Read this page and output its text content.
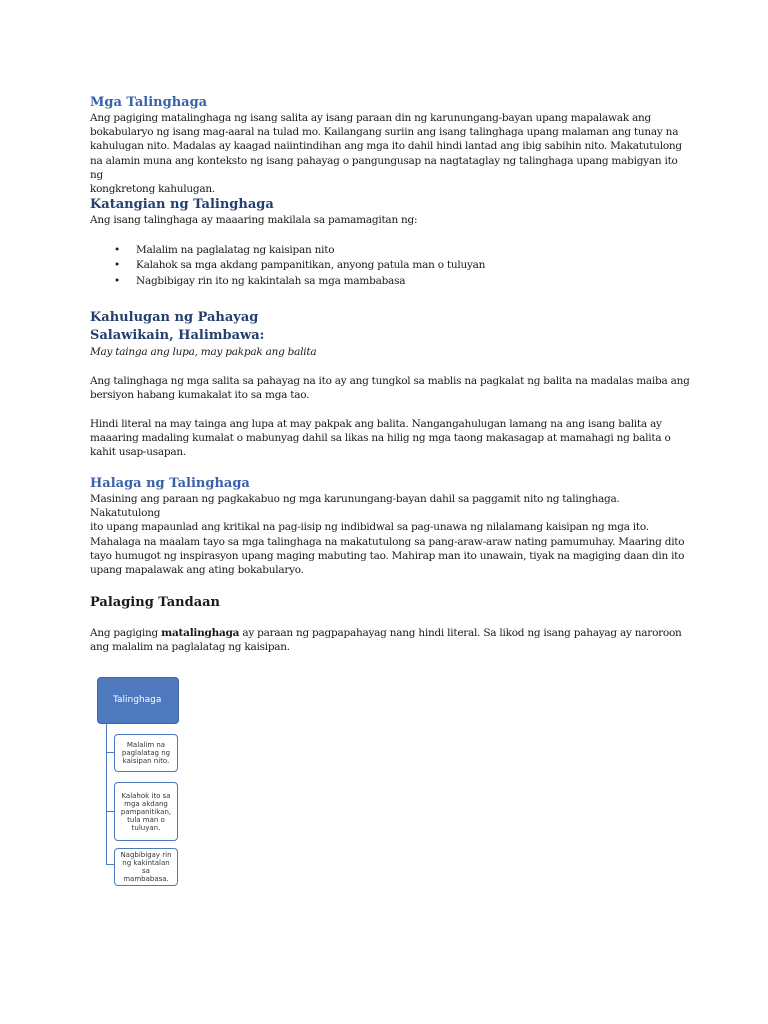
Mga Talinghaga
Ang pagiging matalinghaga ng isang salita ay isang paraan din ng karunungang-bayan upang mapalawak ang
bokabularyo ng isang mag-aaral na tulad mo. Kailangang suriin ang isang talinghaga upang malaman ang tunay na
kahulugan nito. Madalas ay kaagad naiintindihan ang mga ito dahil hindi lantad ang ibig sabihin nito. Makatutulong
na alamin muna ang konteksto ng isang pahayag o pangungusap na nagtataglay ng talinghaga upang mabigyan ito ng
kongkretong kahulugan.
Katangian ng Talinghaga
Ang isang talinghaga ay maaaring makilala sa pamamagitan ng:
• Malalim na paglalatag ng kaisipan nito
• Kalahok sa mga akdang pampanitikan, anyong patula man o tuluyan
• Nagbibigay rin ito ng kakintalah sa mga mambabasa
Kahulugan ng Pahayag
Salawikain, Halimbawa:
May tainga ang lupa, may pakpak ang balita
Ang talinghaga ng mga salita sa pahayag na ito ay ang tungkol sa mablis na pagkalat ng balita na madalas maiba ang
bersiyon habang kumakalat ito sa mga tao.
Hindi literal na may tainga ang lupa at may pakpak ang balita. Nangangahulugan lamang na ang isang balita ay
maaaring madaling kumalat o mabunyag dahil sa likas na hilig ng mga taong makasagap at mamahagi ng balita o
kahit usap-usapan.
Halaga ng Talinghaga
Masining ang paraan ng pagkakabuo ng mga karunungang-bayan dahil sa paggamit nito ng talinghaga. Nakatutulong
ito upang mapaunlad ang kritikal na pag-iisip ng indibidwal sa pag-unawa ng nilalamang kaisipan ng mga ito.
Mahalaga na maalam tayo sa mga talinghaga na makatutulong sa pang-araw-araw nating pamumuhay. Maaring dito
tayo humugot ng inspirasyon upang maging mabuting tao. Mahirap man ito unawain, tiyak na magiging daan din ito
upang mapalawak ang ating bokabularyo.
Palaging Tandaan
Ang pagiging matalinghaga ay paraan ng pagpapahayag nang hindi literal. Sa likod ng isang pahayag ay naroroon
ang malalim na paglalatag ng kaisipan.
Talinghaga
Malalim na
paglalatag ng
kaisipan nito.
Kalahok ito sa
mga akdang
pampanitikan,
tula man o
tuluyan.
Nagbibigay rin
ng kakintalan sa
mambabasa.
